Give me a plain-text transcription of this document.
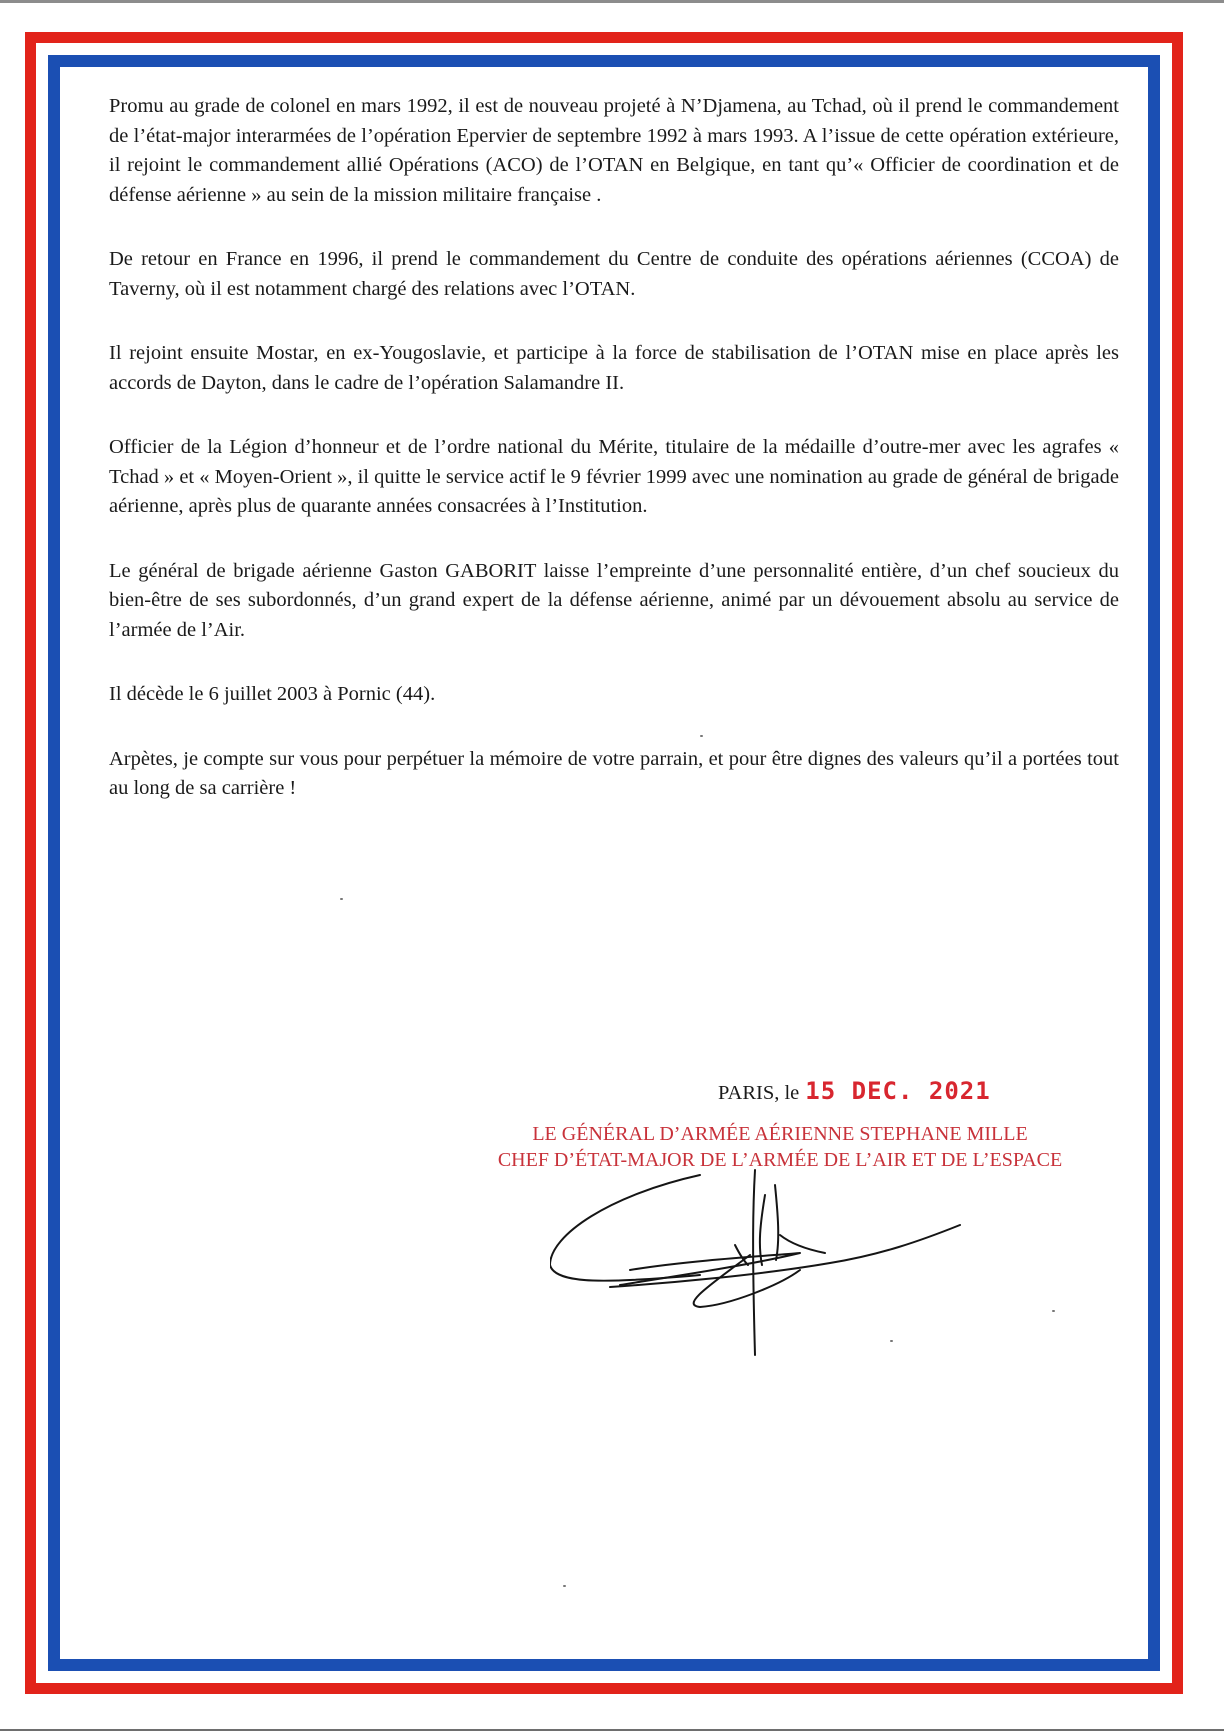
Promu au grade de colonel en mars 1992, il est de nouveau projeté à N’Djamena, au Tchad, où il prend le commandement de l’état-major interarmées de l’opération Epervier de septembre 1992 à mars 1993. A l’issue de cette opération extérieure, il rejoint le commandement allié Opérations (ACO) de l’OTAN en Belgique, en tant qu’« Officier de coordination et de défense aérienne » au sein de la mission militaire française .

De retour en France en 1996, il prend le commandement du Centre de conduite des opérations aériennes (CCOA) de Taverny, où il est notamment chargé des relations avec l’OTAN.

Il rejoint ensuite Mostar, en ex-Yougoslavie, et participe à la force de stabilisation de l’OTAN mise en place après les accords de Dayton, dans le cadre de l’opération Salamandre II.

Officier de la Légion d’honneur et de l’ordre national du Mérite, titulaire de la médaille d’outre-mer avec les agrafes « Tchad » et « Moyen-Orient », il quitte le service actif le 9 février 1999 avec une nomination au grade de général de brigade aérienne, après plus de quarante années consacrées à l’Institution.

Le général de brigade aérienne Gaston GABORIT laisse l’empreinte d’une personnalité entière, d’un chef soucieux du bien-être de ses subordonnés, d’un grand expert de la défense aérienne, animé par un dévouement absolu au service de l’armée de l’Air.

Il décède le 6 juillet 2003 à Pornic (44).

Arpètes, je compte sur vous pour perpétuer la mémoire de votre parrain, et pour être dignes des valeurs qu’il a portées tout au long de sa carrière !

PARIS, le 15 DEC. 2021
LE GÉNÉRAL D’ARMÉE AÉRIENNE STEPHANE MILLE
CHEF D’ÉTAT-MAJOR DE L’ARMÉE DE L’AIR ET DE L’ESPACE
